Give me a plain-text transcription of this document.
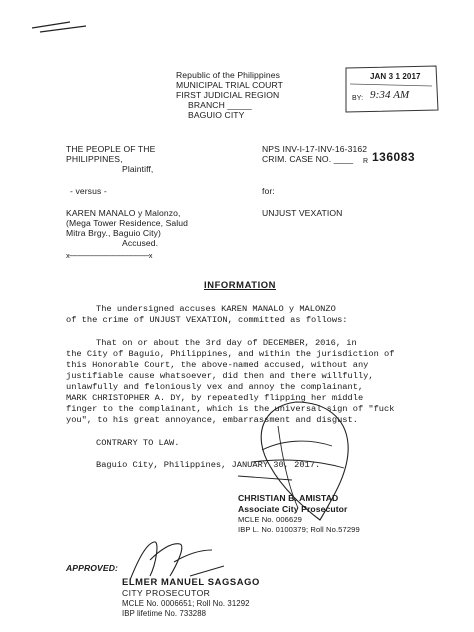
JAN 3 1 2017
BY: 9:34 AM
Republic of the Philippines
MUNICIPAL TRIAL COURT
FIRST JUDICIAL REGION
BRANCH _____
BAGUIO CITY
THE PEOPLE OF THE
PHILIPPINES,
Plaintiff,
- versus -
KAREN MANALO y Malonzo,
(Mega Tower Residence, Salud
Mitra Brgy., Baguio City)
Accused.
x-----------------------------------------------x
NPS INV-I-17-INV-16-3162
CRIM. CASE NO. ____ R 136083
for:
UNJUST VEXATION
INFORMATION
The undersigned accuses KAREN MANALO y MALONZO
of the crime of UNJUST VEXATION, committed as follows:
That on or about the 3rd day of DECEMBER, 2016, in
the City of Baguio, Philippines, and within the jurisdiction of
this Honorable Court, the above-named accused, without any
justifiable cause whatsoever, did then and there willfully,
unlawfully and feloniously vex and annoy the complainant,
MARK CHRISTOPHER A. DY, by repeatedly flipping her middle
finger to the complainant, which is the universal sign of "fuck
you", to his great annoyance, embarrassment and disgust.
CONTRARY TO LAW.
Baguio City, Philippines, JANUARY 30, 2017.
CHRISTIAN B. AMISTAD
Associate City Prosecutor
MCLE No. 006629
IBP L. No. 0100379; Roll No.57299
APPROVED:
ELMER MANUEL SAGSAGO
CITY PROSECUTOR
MCLE No. 0006651; Roll No. 31292
IBP lifetime No. 733288
